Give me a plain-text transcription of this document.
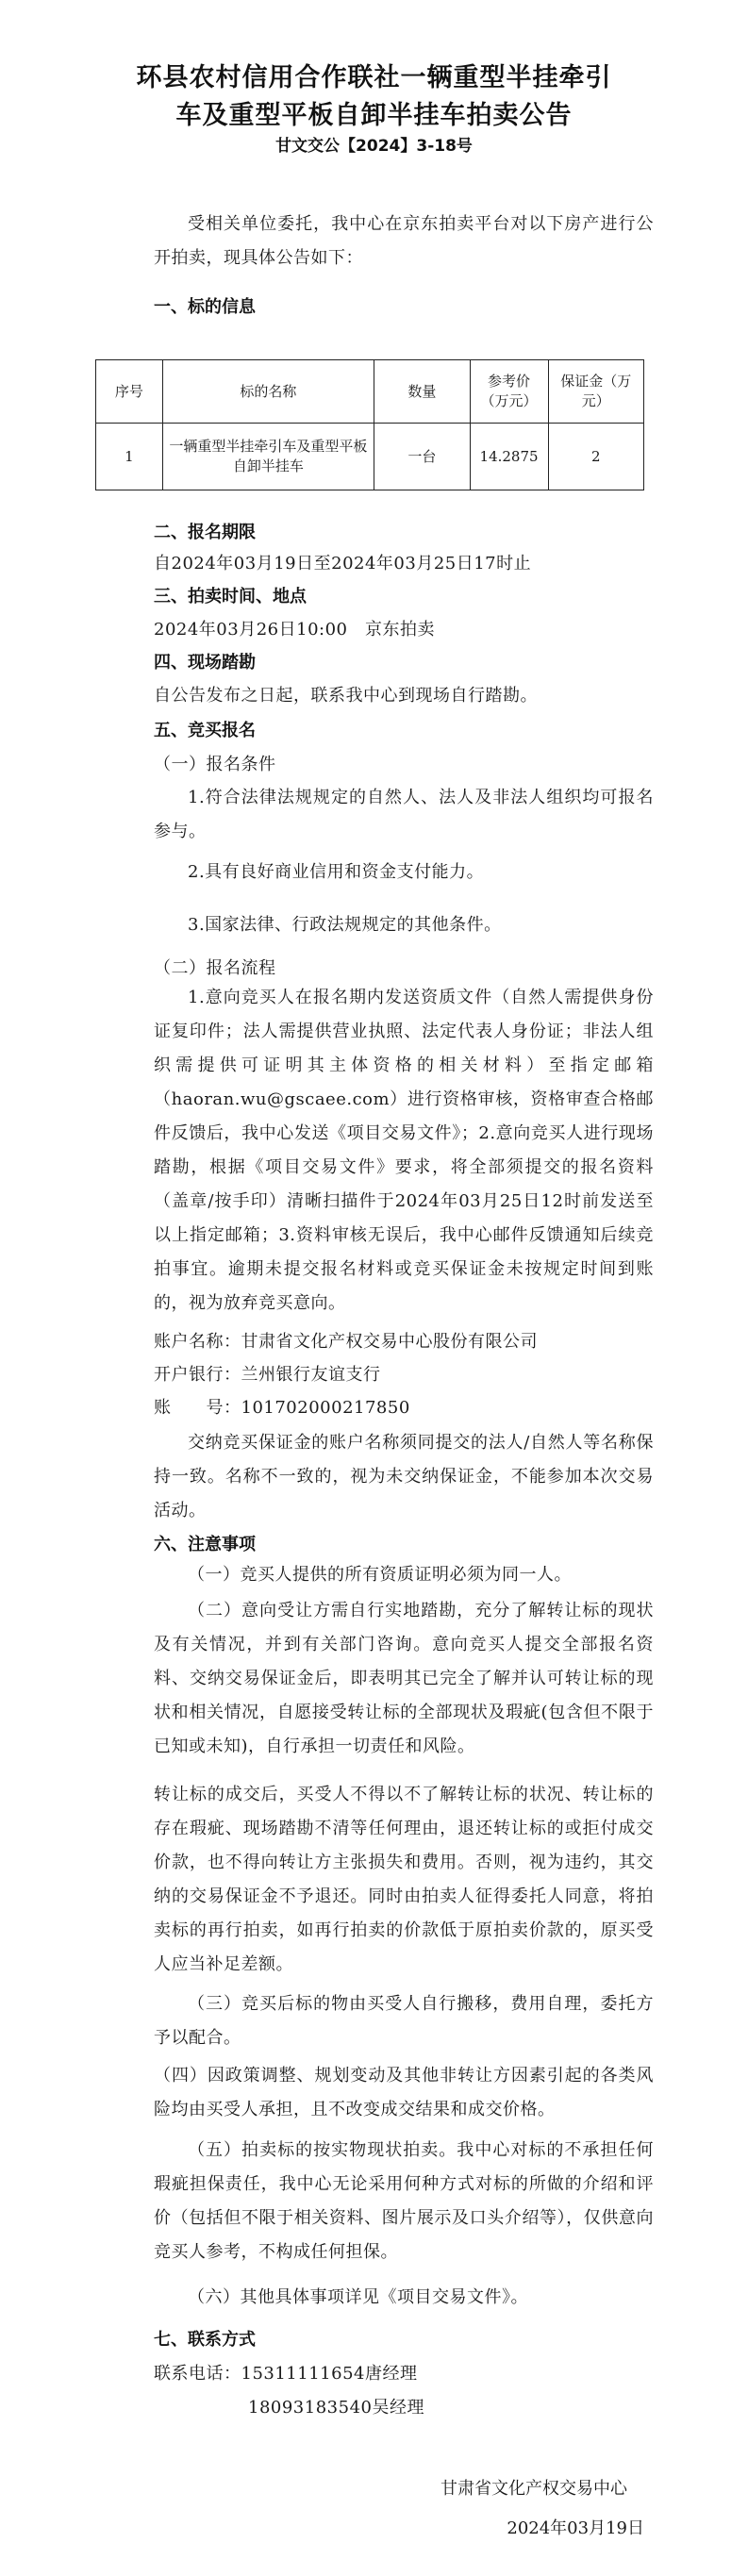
环县农村信用合作联社一辆重型半挂牵引
车及重型平板自卸半挂车拍卖公告
甘文交公【2024】3-18号
受相关单位委托，我中心在京东拍卖平台对以下房产进行公开拍卖，现具体公告如下：
一、标的信息
序号	标的名称	数量	参考价（万元）	保证金（万元）
1	一辆重型半挂牵引车及重型平板自卸半挂车	一台	14.2875	2
二、报名期限
自2024年03月19日至2024年03月25日17时止
三、拍卖时间、地点
2024年03月26日10:00　京东拍卖
四、现场踏勘
自公告发布之日起，联系我中心到现场自行踏勘。
五、竞买报名
（一）报名条件
1.符合法律法规规定的自然人、法人及非法人组织均可报名参与。
2.具有良好商业信用和资金支付能力。
3.国家法律、行政法规规定的其他条件。
（二）报名流程
1.意向竞买人在报名期内发送资质文件（自然人需提供身份证复印件；法人需提供营业执照、法定代表人身份证；非法人组织需提供可证明其主体资格的相关材料）至指定邮箱（haoran.wu@gscaee.com）进行资格审核，资格审查合格邮件反馈后，我中心发送《项目交易文件》；2.意向竞买人进行现场踏勘，根据《项目交易文件》要求，将全部须提交的报名资料（盖章/按手印）清晰扫描件于2024年03月25日12时前发送至以上指定邮箱；3.资料审核无误后，我中心邮件反馈通知后续竞拍事宜。逾期未提交报名材料或竞买保证金未按规定时间到账的，视为放弃竞买意向。
账户名称：甘肃省文化产权交易中心股份有限公司
开户银行：兰州银行友谊支行
账　　号：101702000217850
交纳竞买保证金的账户名称须同提交的法人/自然人等名称保持一致。名称不一致的，视为未交纳保证金，不能参加本次交易活动。
六、注意事项
（一）竞买人提供的所有资质证明必须为同一人。
（二）意向受让方需自行实地踏勘，充分了解转让标的现状及有关情况，并到有关部门咨询。意向竞买人提交全部报名资料、交纳交易保证金后，即表明其已完全了解并认可转让标的现状和相关情况，自愿接受转让标的全部现状及瑕疵(包含但不限于已知或未知)，自行承担一切责任和风险。
转让标的成交后，买受人不得以不了解转让标的状况、转让标的存在瑕疵、现场踏勘不清等任何理由，退还转让标的或拒付成交价款，也不得向转让方主张损失和费用。否则，视为违约，其交纳的交易保证金不予退还。同时由拍卖人征得委托人同意，将拍卖标的再行拍卖，如再行拍卖的价款低于原拍卖价款的，原买受人应当补足差额。
（三）竞买后标的物由买受人自行搬移，费用自理，委托方予以配合。
（四）因政策调整、规划变动及其他非转让方因素引起的各类风险均由买受人承担，且不改变成交结果和成交价格。
（五）拍卖标的按实物现状拍卖。我中心对标的不承担任何瑕疵担保责任，我中心无论采用何种方式对标的所做的介绍和评价（包括但不限于相关资料、图片展示及口头介绍等），仅供意向竞买人参考，不构成任何担保。
（六）其他具体事项详见《项目交易文件》。
七、联系方式
联系电话：15311111654唐经理
18093183540吴经理
甘肃省文化产权交易中心
2024年03月19日
